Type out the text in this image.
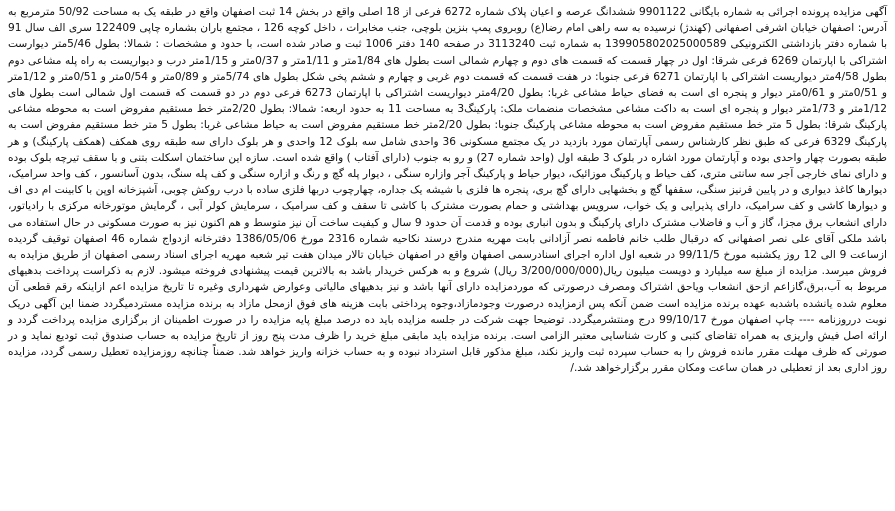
آگهی مزایده پرونده اجرائی به شماره بایگانی 9901122 ششدانگ عرصه و اعیان پلاک شماره 6272 فرعی از 18 اصلی واقع در بخش 14 ثبت اصفهان واقع در طبقه یک به مساحت 50/92 مترمربع به آدرس: اصفهان خیابان اشرفی اصفهانی (کهندژ) نرسیده به سه راهی امام رضا(ع) روبروی پمپ بنزین بلوچی، جنب مخابرات ، داخل کوچه 126 ، مجتمع باران بشماره چاپی 122409 سری الف سال 91 با شماره دفتر بازداشتی الکترونیکی 139905802025000589 به شماره ثبت 3113240 در صفحه 140 دفتر 1006 ثبت و صادر شده است، با حدود و مشخصات : شمالا: بطول 5/46متر دیوارست اشتراکی با اپارتمان 6269 فرعی شرقا: اول در چهار قسمت که قسمت های دوم و چهارم شمالی است بطول های 1/84متر و 1/11متر و 0/37متر و 1/15متر درب و دیواریست به راه پله مشاعی دوم بطول 4/58متر دیواریست اشتراکی با اپارتمان 6271 فرعی جنوبا: در هفت قسمت که قسمت دوم غربی و چهارم و ششم پخی شکل بطول های 5/74متر و 0/89متر و 0/54متر و 0/51متر و 1/12متر و 0/51متر و 0/61متر دیوار و پنجره ای است به فضای حیاط مشاعی غربا: بطول 4/20متر دیواریست اشتراکی با اپارتمان 6273 فرعی دوم در دو قسمت که قسمت اول شمالی است بطول های 1/12متر و 1/73متر دیوار و پنجره ای است به داکت مشاعی مشخصات منضمات ملک: پارکینگ3 به مساحت 11 به حدود اربعه: شمالا: بطول 2/20متر خط مستقیم مفروض است به محوطه مشاعی پارکینگ شرقا: بطول 5 متر خط مستقیم مفروض است به محوطه مشاعی پارکینگ جنوبا: بطول 2/20متر خط مستقیم مفروض است به حیاط مشاعی غربا: بطول 5 متر خط مستقیم مفروض است به پارکینگ 6329 فرعی که طبق نظر کارشناس رسمی آپارتمان مورد بازدید در یک مجتمع مسکونی 36 واحدی شامل سه بلوک 12 واحدی و هر بلوک دارای سه طبقه روی همکف (همکف پارکینگ) و هر طبقه بصورت چهار واحدی بوده و آپارتمان مورد اشاره در بلوک 3 طبقه اول (واحد شماره 27) و رو به جنوب (دارای آفتاب ) واقع شده است. سازه این ساختمان اسکلت بتنی و با سقف تیرچه بلوک بوده و دارای نمای خارجی آجر سه سانتی متری، کف حیاط و پارکینگ موزائیک، دیوار حیاط و پارکینگ آجر وازاره سنگی ، دیوار پله گچ و رنگ و ازاره سنگی و کف پله سنگ، بدون آسانسور ، کف واحد سرامیک، دیوارها کاغذ دیواری و در پایین قرنیز سنگی، سقفها گچ و بخشهایی دارای گچ بری، پنجره ها فلزی با شیشه یک جداره، چهارچوب دربها فلزی ساده با درب روکش چوبی، آشپزخانه اوپن با کابینت ام دی اف و دیوارها کاشی و کف سرامیک، دارای پذیرایی و یک خواب، سرویس بهداشتی و حمام بصورت مشترک با کاشی تا سقف و کف سرامیک ، سرمایش کولر آبی ، گرمایش موتورخانه مرکزی با رادیاتور، دارای انشعاب برق مجزا، گاز و آب و فاضلاب مشترک دارای پارکینگ و بدون انباری بوده و قدمت آن حدود 9 سال و کیفیت ساخت آن نیز متوسط و هم اکنون نیز به صورت مسکونی در حال استفاده می باشد ملکی آقای علی نصر اصفهانی که درقبال طلب خانم فاطمه نصر آزادانی بابت مهریه مندرج درسند نکاحیه شماره 2316 مورخ 1386/05/06 دفترخانه ازدواج شماره 46 اصفهان توقیف گردیده ازساعت 9 الی 12 روز یکشنبه مورخ 99/11/5 در شعبه اول اداره اجرای اسنادرسمی اصفهان واقع در اصفهان خیابان تالار میدان هفت تیر شعبه مهریه اجرای اسناد رسمی اصفهان از طریق مزایده به فروش میرسد. مزایده از مبلغ سه میلیارد و دویست میلیون ریال(3/200/000/000 ریال) شروع و به هرکس خریدار باشد به بالاترین قیمت پیشنهادی فروخته میشود. لازم به ذکراست پرداخت بدهیهای مربوط به آب،برق،گازاعم ازحق انشعاب وياحق اشتراک ومصرف درصورتی که موردمزایده دارای آنها باشد و نیز بدهیهای مالیاتی وعوارض شهرداری وغیره تا تاریخ مزایده اعم ازاینکه رقم قطعی آن معلوم شده یانشده باشدبه عهده برنده مزایده است ضمن آنکه پس ازمزایده درصورت وجودمازاد،وجوه پرداختی بابت هزینه های فوق ازمحل مازاد به برنده مزایده مستردمیگردد ضمنا این آگهی دریک نوبت درروزنامه ---- چاپ اصفهان مورخ 99/10/17 درج ومنتشرمیگردد. توضیحا جهت شرکت در جلسه مزایده باید ده درصد مبلغ پایه مزایده را در صورت اطمینان از برگزاری مزایده پرداخت گردد و ارائه اصل فیش واریزی به همراه تقاضای کتبی و کارت شناسایی معتبر الزامی است. برنده مزایده باید مابقی مبلغ خرید را ظرف مدت پنج روز از تاریخ مزایده به حساب صندوق ثبت تودیع نماید و در صورتی که ظرف مهلت مقرر مانده فروش را به حساب سپرده ثبت واریز نکند، مبلغ مذکور قابل استرداد نبوده و به حساب خزانه واریز خواهد شد. ضمناً چنانچه روزمزایده تعطیل رسمی گردد، مزایده روز اداری بعد از تعطیلی در همان ساعت ومکان مقرر برگزارخواهد شد./
